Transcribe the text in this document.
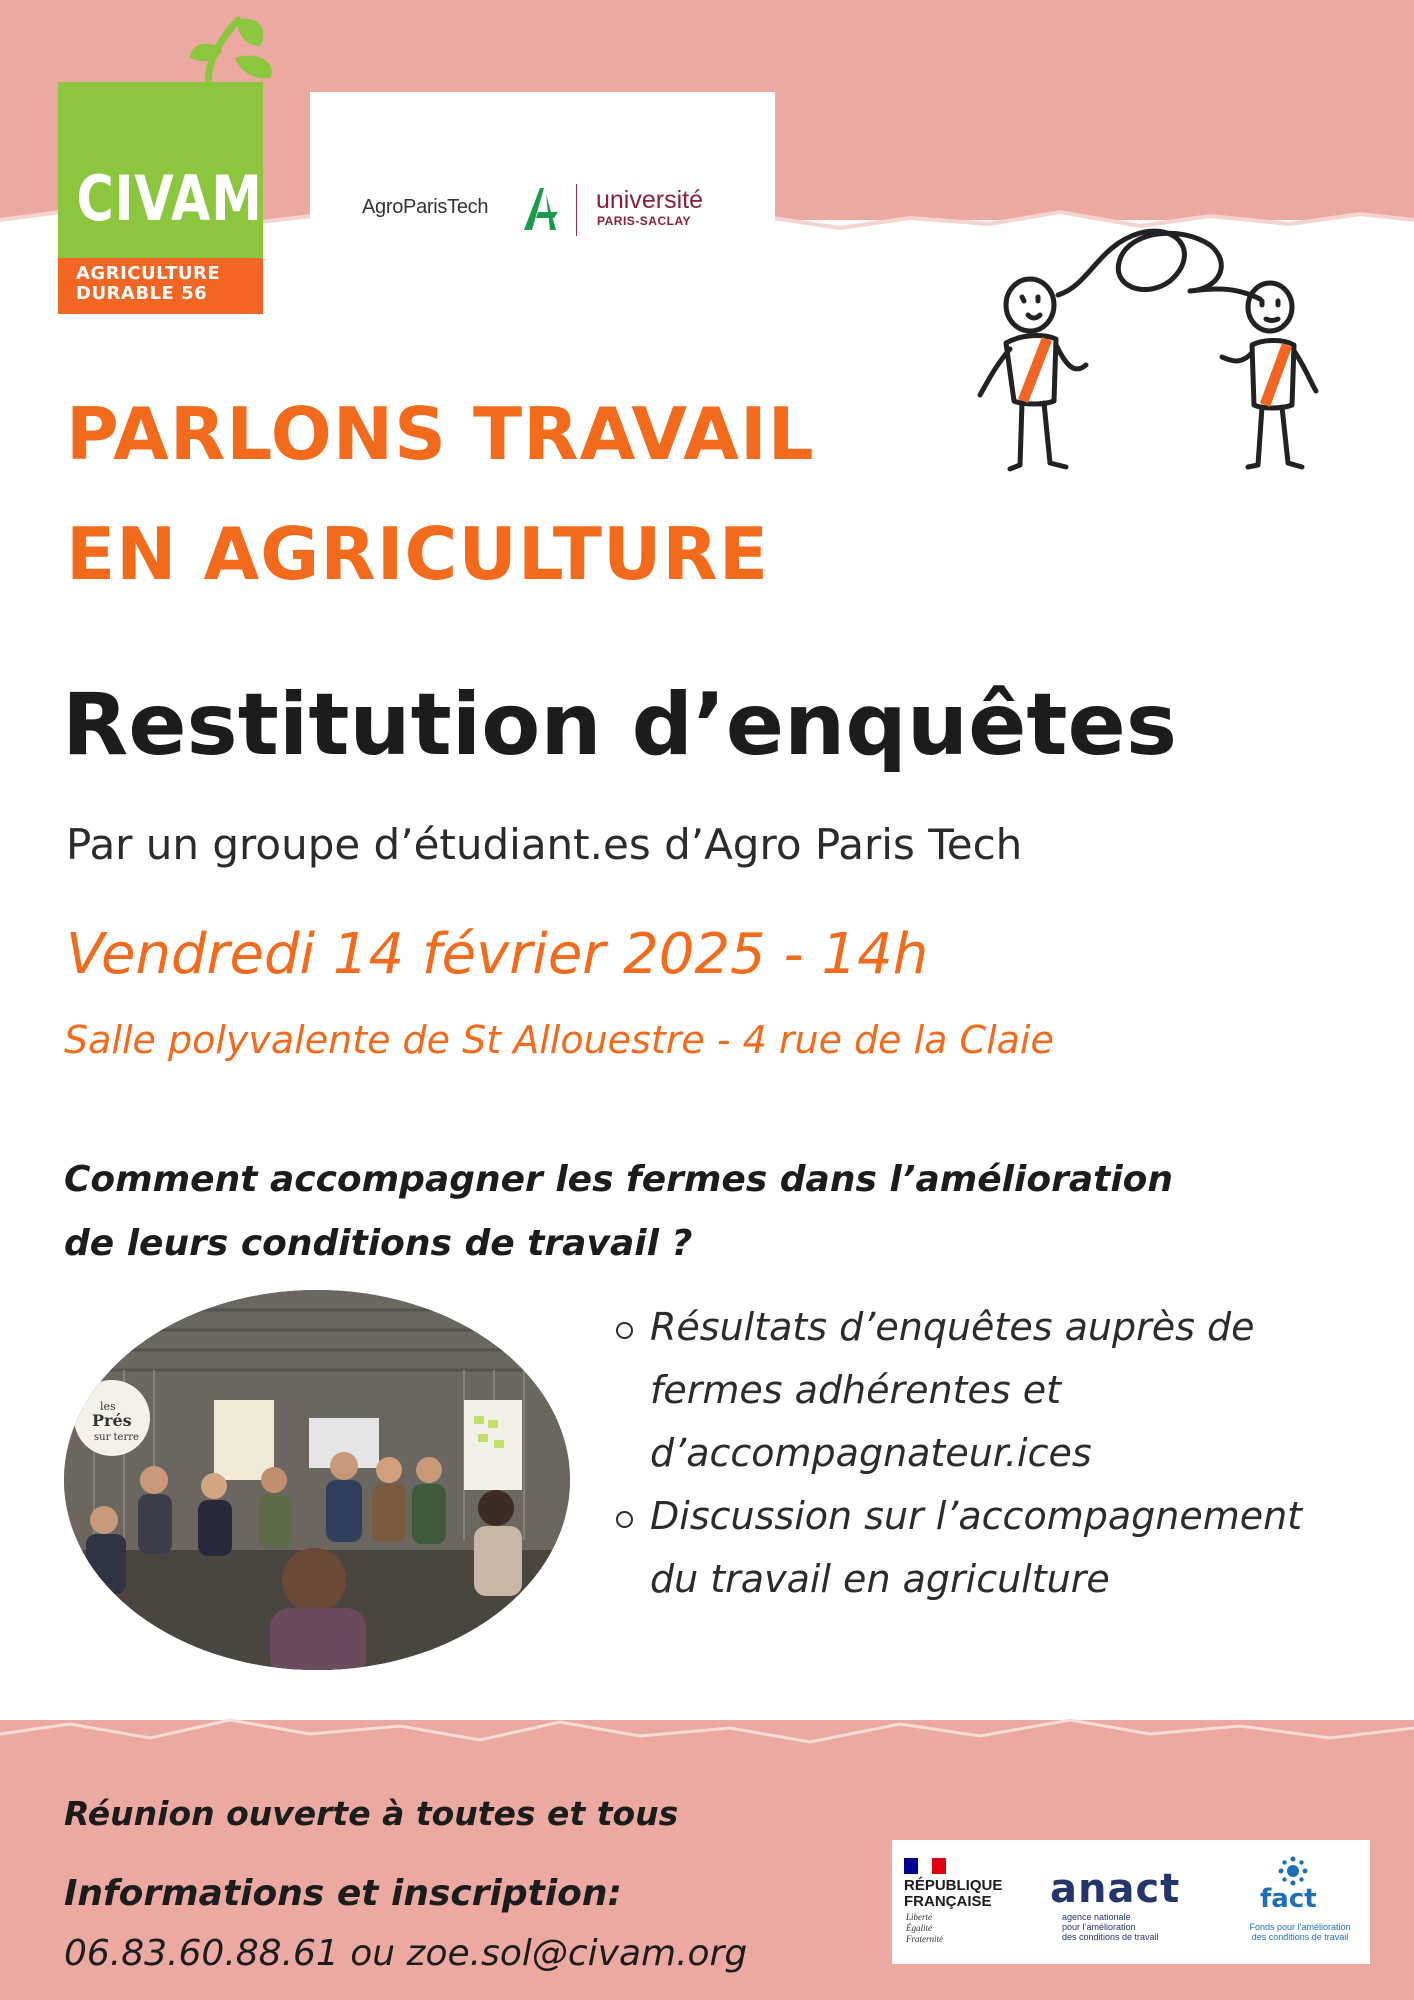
CIVAM
AGRICULTURE
DURABLE 56
AgroParisTech	université
PARIS-SACLAY
PARLONS TRAVAIL
EN AGRICULTURE
Restitution d’enquêtes
Par un groupe d’étudiant.es d’Agro Paris Tech
Vendredi 14 février 2025 - 14h
Salle polyvalente de St Allouestre - 4 rue de la Claie
Comment accompagner les fermes dans l’amélioration
de leurs conditions de travail ?
les
Prés
sur terre
Résultats d’enquêtes auprès de
fermes adhérentes et
d’accompagnateur.ices
Discussion sur l’accompagnement
du travail en agriculture
Réunion ouverte à toutes et tous
Informations et inscription:
06.83.60.88.61 ou zoe.sol@civam.org
RÉPUBLIQUE
FRANÇAISE
Liberté
Égalité
Fraternité
anact
agence nationale
pour l’amélioration
des conditions de travail
fact
Fonds pour l’amélioration
des conditions de travail
